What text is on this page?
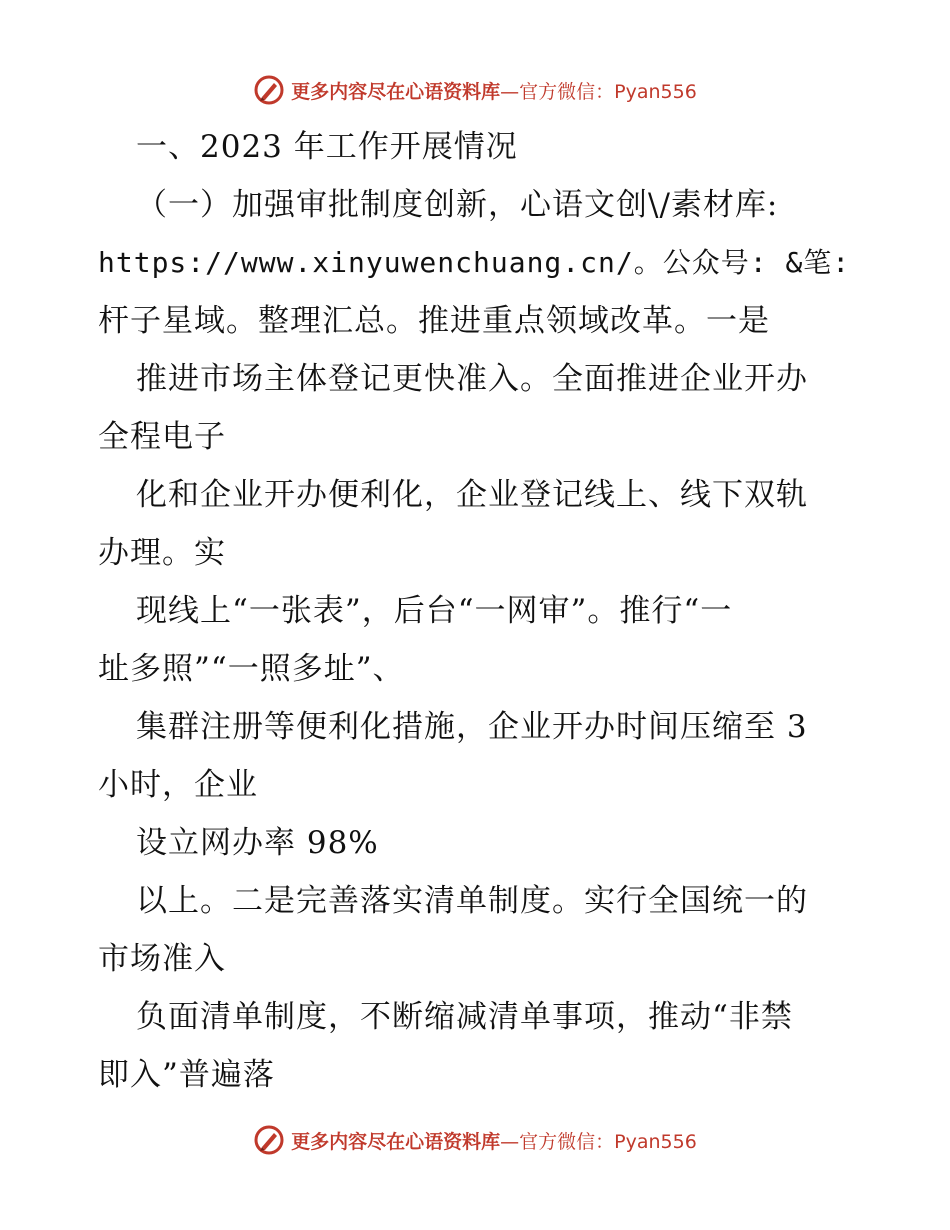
更多内容尽在心语资料库 —官方微信：Pyan556
一、2023 年工作开展情况
（一）加强审批制度创新，心语文创\/素材库:
https://www.xinyuwenchuang.cn/。公众号: &笔:
杆子星域。整理汇总。推进重点领域改革。一是
推进市场主体登记更快准入。全面推进企业开办
全程电子
化和企业开办便利化，企业登记线上、线下双轨
办理。实
现线上“一张表”，后台“一网审”。推行“一
址多照”“一照多址”、
集群注册等便利化措施，企业开办时间压缩至 3
小时，企业
设立网办率 98%
以上。二是完善落实清单制度。实行全国统一的
市场准入
负面清单制度，不断缩减清单事项，推动“非禁
即入”普遍落
更多内容尽在心语资料库 —官方微信：Pyan556
